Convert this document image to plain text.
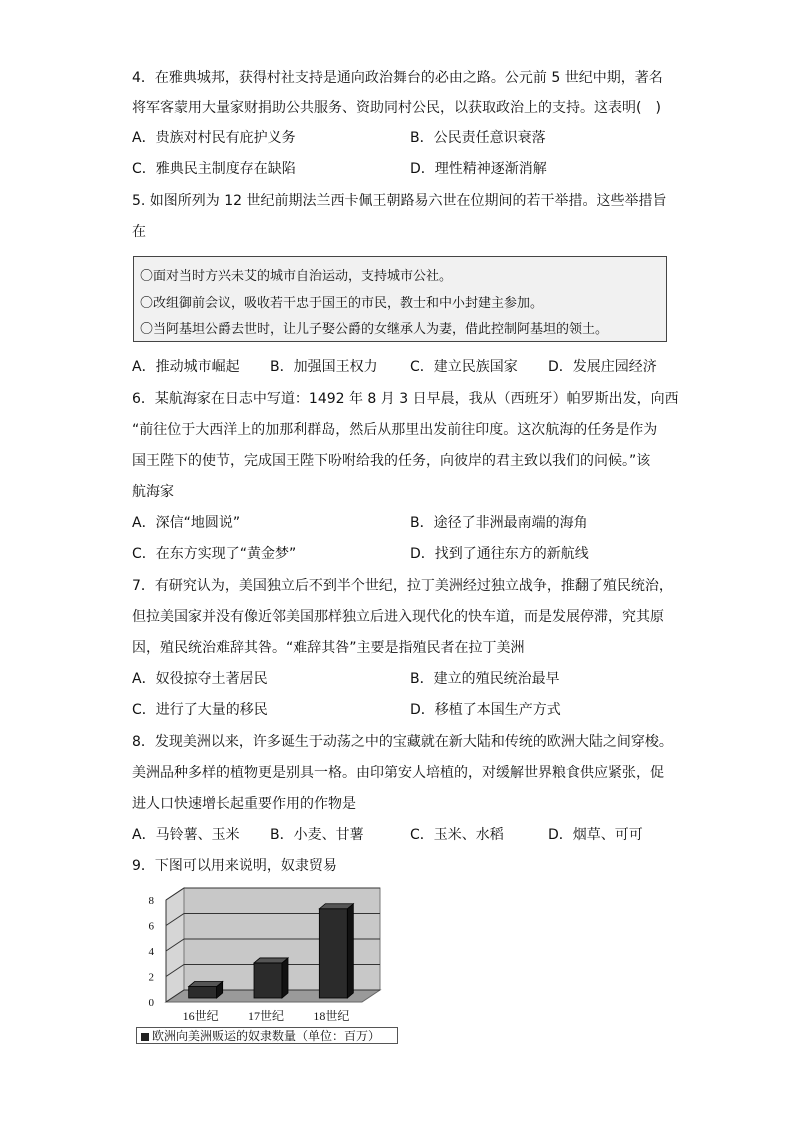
4．在雅典城邦，获得村社支持是通向政治舞台的必由之路。公元前 5 世纪中期，著名
将军客蒙用大量家财捐助公共服务、资助同村公民，以获取政治上的支持。这表明(　)
A．贵族对村民有庇护义务	B．公民责任意识衰落
C．雅典民主制度存在缺陷	D．理性精神逐渐消解
5. 如图所列为 12 世纪前期法兰西卡佩王朝路易六世在位期间的若干举措。这些举措旨
在
〇面对当时方兴未艾的城市自治运动，支持城市公社。
〇改组御前会议，吸收若干忠于国王的市民，教士和中小封建主参加。
〇当阿基坦公爵去世时，让儿子娶公爵的女继承人为妻，借此控制阿基坦的领土。
A．推动城市崛起 B．加强国王权力 C．建立民族国家 D．发展庄园经济
6．某航海家在日志中写道：1492 年 8 月 3 日早晨，我从（西班牙）帕罗斯出发，向西
“前往位于大西洋上的加那利群岛，然后从那里出发前往印度。这次航海的任务是作为
国王陛下的使节，完成国王陛下吩咐给我的任务，向彼岸的君主致以我们的问候。”该
航海家
A．深信“地圆说”	B．途径了非洲最南端的海角
C．在东方实现了“黄金梦”	D．找到了通往东方的新航线
7．有研究认为，美国独立后不到半个世纪，拉丁美洲经过独立战争，推翻了殖民统治，
但拉美国家并没有像近邻美国那样独立后进入现代化的快车道，而是发展停滞，究其原
因，殖民统治难辞其咎。“难辞其咎”主要是指殖民者在拉丁美洲
A．奴役掠夺土著居民	B．建立的殖民统治最早
C．进行了大量的移民	D．移植了本国生产方式
8．发现美洲以来，许多诞生于动荡之中的宝藏就在新大陆和传统的欧洲大陆之间穿梭。
美洲品种多样的植物更是别具一格。由印第安人培植的，对缓解世界粮食供应紧张，促
进人口快速增长起重要作用的作物是
A．马铃薯、玉米 B．小麦、甘薯	C．玉米、水稻	D．烟草、可可
9．下图可以用来说明，奴隶贸易
0
2
4
6
8
16世纪 17世纪 18世纪
欧洲向美洲贩运的奴隶数量（单位：百万）
